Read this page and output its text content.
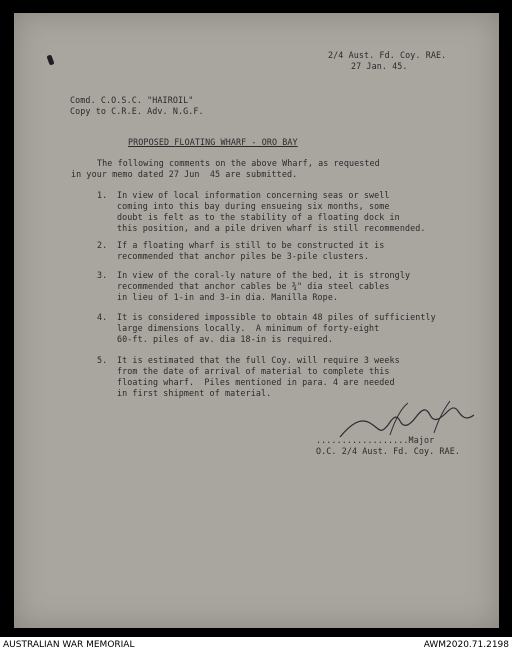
2/4 Aust. Fd. Coy. RAE.
27 Jan. 45.
Comd. C.O.S.C. "HAIROIL"
Copy to C.R.E. Adv. N.G.F.
PROPOSED FLOATING WHARF - ORO BAY
The following comments on the above Wharf, as requested
in your memo dated 27 Jun  45 are submitted.
1. In view of local information concerning seas or swell
coming into this bay during ensueing six months, some
doubt is felt as to the stability of a floating dock in
this position, and a pile driven wharf is still recommended.
2. If a floating wharf is still to be constructed it is
recommended that anchor piles be 3-pile clusters.
3. In view of the coral-ly nature of the bed, it is strongly
recommended that anchor cables be ¾" dia steel cables
in lieu of 1-in and 3-in dia. Manilla Rope.
4. It is considered impossible to obtain 48 piles of sufficiently
large dimensions locally.  A minimum of forty-eight
60-ft. piles of av. dia 18-in is required.
5. It is estimated that the full Coy. will require 3 weeks
from the date of arrival of material to complete this
floating wharf.  Piles mentioned in para. 4 are needed
in first shipment of material.
..................Major
O.C. 2/4 Aust. Fd. Coy. RAE.
AUSTRALIAN WAR MEMORIAL	AWM2020.71.2198
